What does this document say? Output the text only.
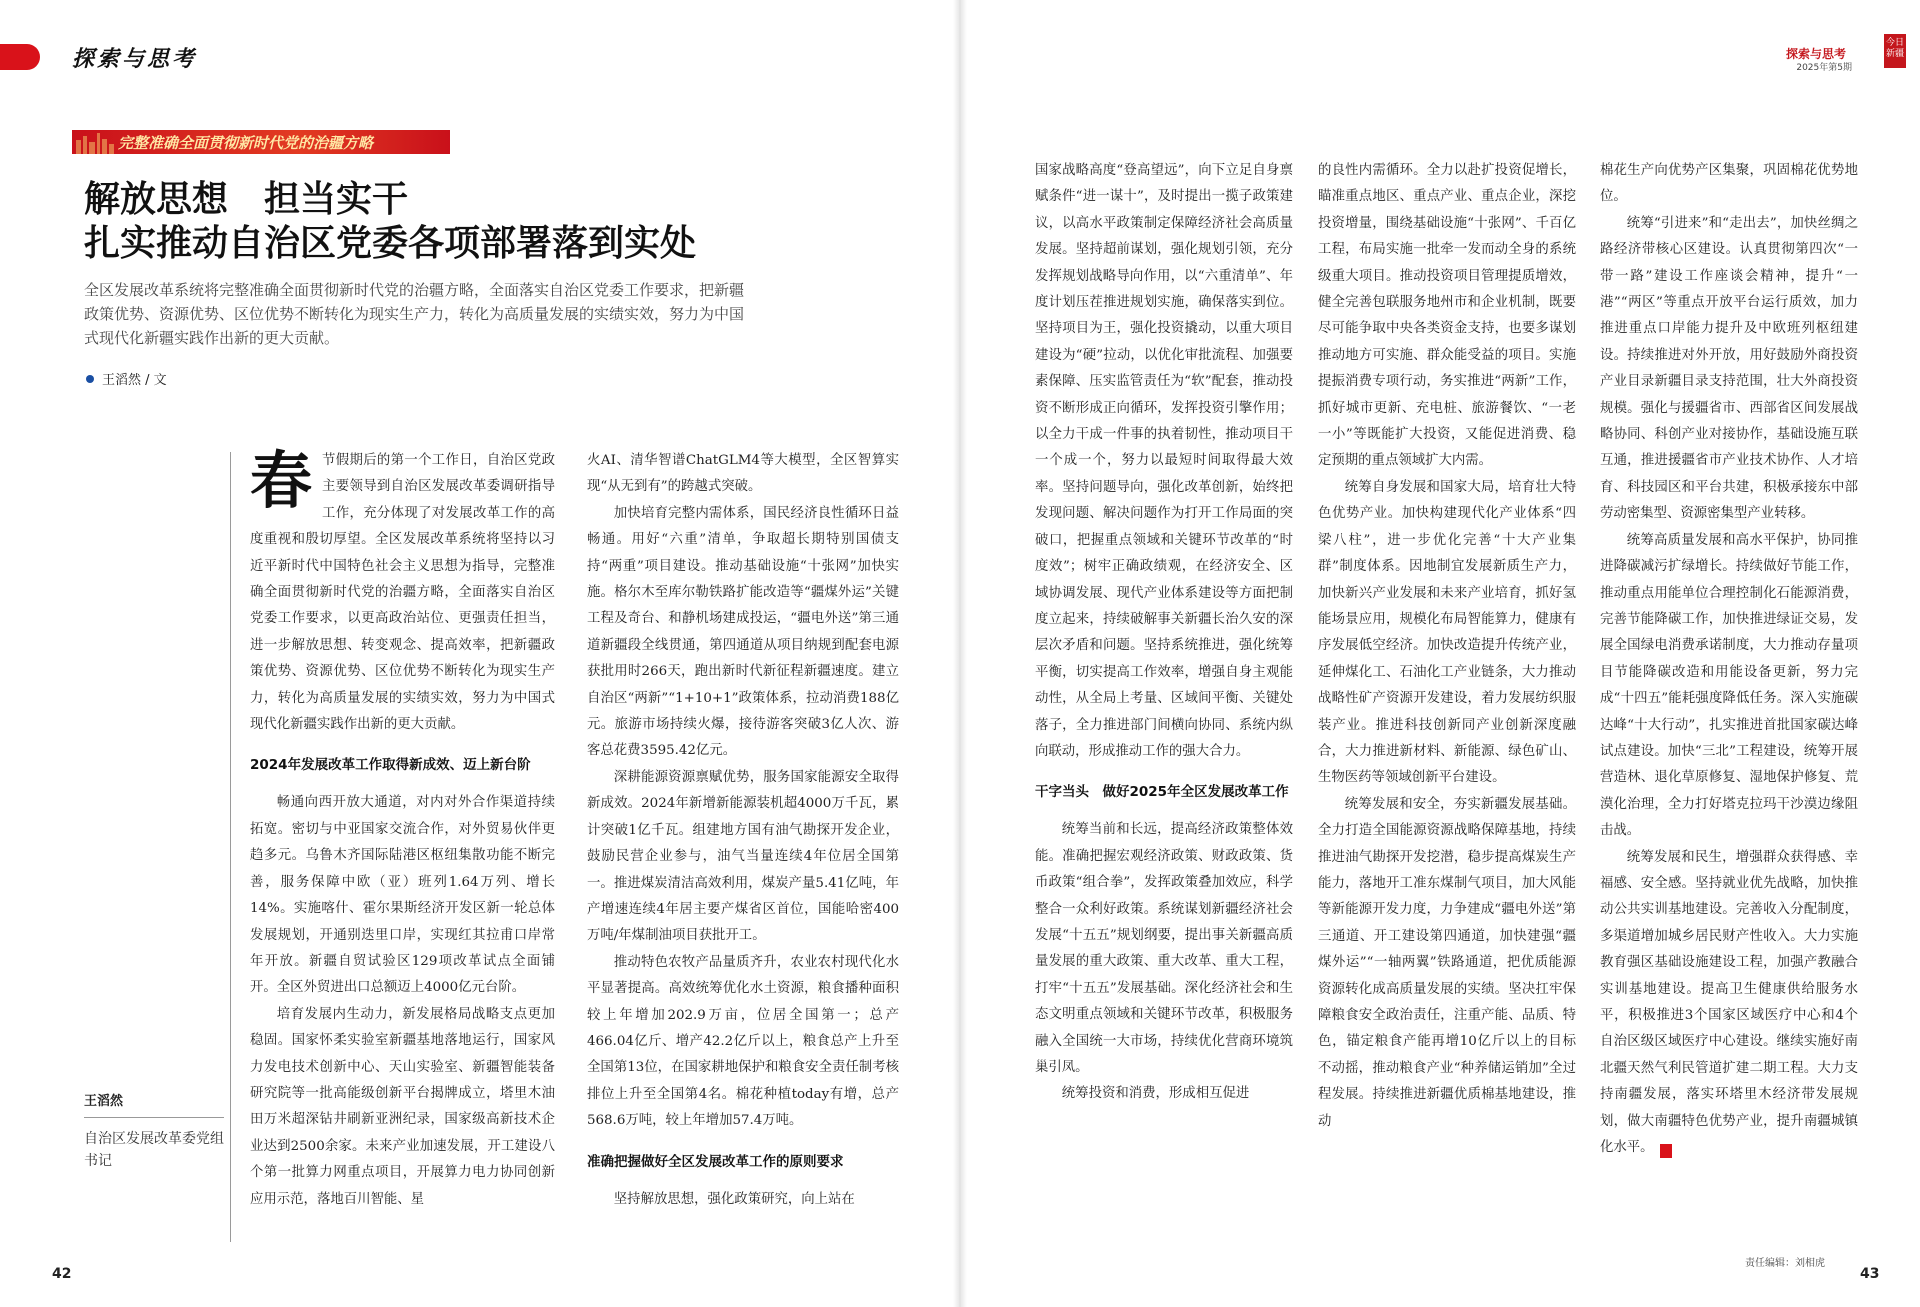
探索与思考	探索与思考
2025年第5期
今日新疆
完整准确全面贯彻新时代党的治疆方略
解放思想　担当实干
扎实推动自治区党委各项部署落到实处
全区发展改革系统将完整准确全面贯彻新时代党的治疆方略，全面落实自治区党委工作要求，把新疆政策优势、资源优势、区位优势不断转化为现实生产力，转化为高质量发展的实绩实效，努力为中国式现代化新疆实践作出新的更大贡献。
王滔然 / 文
王滔然
自治区发展改革委党组书记

春节假期后的第一个工作日，自治区党政主要领导到自治区发展改革委调研指导工作，充分体现了对发展改革工作的高度重视和殷切厚望。全区发展改革系统将坚持以习近平新时代中国特色社会主义思想为指导，完整准确全面贯彻新时代党的治疆方略，全面落实自治区党委工作要求，以更高政治站位、更强责任担当，进一步解放思想、转变观念、提高效率，把新疆政策优势、资源优势、区位优势不断转化为现实生产力，转化为高质量发展的实绩实效，努力为中国式现代化新疆实践作出新的更大贡献。

2024年发展改革工作取得新成效、迈上新台阶

畅通向西开放大通道，对内对外合作渠道持续拓宽。密切与中亚国家交流合作，对外贸易伙伴更趋多元。乌鲁木齐国际陆港区枢纽集散功能不断完善，服务保障中欧（亚）班列1.64万列、增长14%。实施喀什、霍尔果斯经济开发区新一轮总体发展规划，开通别迭里口岸，实现红其拉甫口岸常年开放。新疆自贸试验区129项改革试点全面铺开。全区外贸进出口总额迈上4000亿元台阶。

培育发展内生动力，新发展格局战略支点更加稳固。国家怀柔实验室新疆基地落地运行，国家风力发电技术创新中心、天山实验室、新疆智能装备研究院等一批高能级创新平台揭牌成立，塔里木油田万米超深钻井刷新亚洲纪录，国家级高新技术企业达到2500余家。未来产业加速发展，开工建设八个第一批算力网重点项目，开展算力电力协同创新应用示范，落地百川智能、星

火AI、清华智谱ChatGLM4等大模型，全区智算实现“从无到有”的跨越式突破。

加快培育完整内需体系，国民经济良性循环日益畅通。用好“六重”清单，争取超长期特别国债支持“两重”项目建设。推动基础设施“十张网”加快实施。格尔木至库尔勒铁路扩能改造等“疆煤外运”关键工程及奇台、和静机场建成投运，“疆电外送”第三通道新疆段全线贯通，第四通道从项目纳规到配套电源获批用时266天，跑出新时代新征程新疆速度。建立自治区“两新”“1+10+1”政策体系，拉动消费188亿元。旅游市场持续火爆，接待游客突破3亿人次、游客总花费3595.42亿元。

深耕能源资源禀赋优势，服务国家能源安全取得新成效。2024年新增新能源装机超4000万千瓦，累计突破1亿千瓦。组建地方国有油气勘探开发企业，鼓励民营企业参与，油气当量连续4年位居全国第一。推进煤炭清洁高效利用，煤炭产量5.41亿吨，年产增速连续4年居主要产煤省区首位，国能哈密400万吨/年煤制油项目获批开工。

推动特色农牧产品量质齐升，农业农村现代化水平显著提高。高效统筹优化水土资源，粮食播种面积较上年增加202.9万亩，位居全国第一；总产466.04亿斤、增产42.2亿斤以上，粮食总产上升至全国第13位，在国家耕地保护和粮食安全责任制考核排位上升至全国第4名。棉花种植today有增，总产568.6万吨，较上年增加57.4万吨。

准确把握做好全区发展改革工作的原则要求

坚持解放思想，强化政策研究，向上站在

国家战略高度“登高望远”，向下立足自身禀赋条件“进一谋十”，及时提出一揽子政策建议，以高水平政策制定保障经济社会高质量发展。坚持超前谋划，强化规划引领，充分发挥规划战略导向作用，以“六重清单”、年度计划压茬推进规划实施，确保落实到位。坚持项目为王，强化投资撬动，以重大项目建设为“硬”拉动，以优化审批流程、加强要素保障、压实监管责任为“软”配套，推动投资不断形成正向循环，发挥投资引擎作用；以全力干成一件事的执着韧性，推动项目干一个成一个，努力以最短时间取得最大效率。坚持问题导向，强化改革创新，始终把发现问题、解决问题作为打开工作局面的突破口，把握重点领域和关键环节改革的“时度效”；树牢正确政绩观，在经济安全、区域协调发展、现代产业体系建设等方面把制度立起来，持续破解事关新疆长治久安的深层次矛盾和问题。坚持系统推进，强化统筹平衡，切实提高工作效率，增强自身主观能动性，从全局上考量、区域间平衡、关键处落子，全力推进部门间横向协同、系统内纵向联动，形成推动工作的强大合力。

干字当头　做好2025年全区发展改革工作

统筹当前和长远，提高经济政策整体效能。准确把握宏观经济政策、财政政策、货币政策“组合拳”，发挥政策叠加效应，科学整合一众利好政策。系统谋划新疆经济社会发展“十五五”规划纲要，提出事关新疆高质量发展的重大政策、重大改革、重大工程，打牢“十五五”发展基础。深化经济社会和生态文明重点领域和关键环节改革，积极服务融入全国统一大市场，持续优化营商环境筑巢引凤。

统筹投资和消费，形成相互促进

的良性内需循环。全力以赴扩投资促增长，瞄准重点地区、重点产业、重点企业，深挖投资增量，围绕基础设施“十张网”、千百亿工程，布局实施一批牵一发而动全身的系统级重大项目。推动投资项目管理提质增效，健全完善包联服务地州市和企业机制，既要尽可能争取中央各类资金支持，也要多谋划推动地方可实施、群众能受益的项目。实施提振消费专项行动，务实推进“两新”工作，抓好城市更新、充电桩、旅游餐饮、“一老一小”等既能扩大投资，又能促进消费、稳定预期的重点领域扩大内需。

统筹自身发展和国家大局，培育壮大特色优势产业。加快构建现代化产业体系“四梁八柱”，进一步优化完善“十大产业集群”制度体系。因地制宜发展新质生产力，加快新兴产业发展和未来产业培育，抓好氢能场景应用，规模化布局智能算力，健康有序发展低空经济。加快改造提升传统产业，延伸煤化工、石油化工产业链条，大力推动战略性矿产资源开发建设，着力发展纺织服装产业。推进科技创新同产业创新深度融合，大力推进新材料、新能源、绿色矿山、生物医药等领域创新平台建设。

统筹发展和安全，夯实新疆发展基础。全力打造全国能源资源战略保障基地，持续推进油气勘探开发挖潜，稳步提高煤炭生产能力，落地开工准东煤制气项目，加大风能等新能源开发力度，力争建成“疆电外送”第三通道、开工建设第四通道，加快建强“疆煤外运”“一轴两翼”铁路通道，把优质能源资源转化成高质量发展的实绩。坚决扛牢保障粮食安全政治责任，注重产能、品质、特色，锚定粮食产能再增10亿斤以上的目标不动摇，推动粮食产业“种养储运销加”全过程发展。持续推进新疆优质棉基地建设，推动

棉花生产向优势产区集聚，巩固棉花优势地位。

统筹“引进来”和“走出去”，加快丝绸之路经济带核心区建设。认真贯彻第四次“一带一路”建设工作座谈会精神，提升“一港”“两区”等重点开放平台运行质效，加力推进重点口岸能力提升及中欧班列枢纽建设。持续推进对外开放，用好鼓励外商投资产业目录新疆目录支持范围，壮大外商投资规模。强化与援疆省市、西部省区间发展战略协同、科创产业对接协作，基础设施互联互通，推进援疆省市产业技术协作、人才培育、科技园区和平台共建，积极承接东中部劳动密集型、资源密集型产业转移。

统筹高质量发展和高水平保护，协同推进降碳减污扩绿增长。持续做好节能工作，推动重点用能单位合理控制化石能源消费，完善节能降碳工作，加快推进绿证交易，发展全国绿电消费承诺制度，大力推动存量项目节能降碳改造和用能设备更新，努力完成“十四五”能耗强度降低任务。深入实施碳达峰“十大行动”，扎实推进首批国家碳达峰试点建设。加快“三北”工程建设，统筹开展营造林、退化草原修复、湿地保护修复、荒漠化治理，全力打好塔克拉玛干沙漠边缘阻击战。

统筹发展和民生，增强群众获得感、幸福感、安全感。坚持就业优先战略，加快推动公共实训基地建设。完善收入分配制度，多渠道增加城乡居民财产性收入。大力实施教育强区基础设施建设工程，加强产教融合实训基地建设。提高卫生健康供给服务水平，积极推进3个国家区域医疗中心和4个自治区级区域医疗中心建设。继续实施好南北疆天然气利民管道扩建二期工程。大力支持南疆发展，落实环塔里木经济带发展规划，做大南疆特色优势产业，提升南疆城镇化水平。	J

42
责任编辑：刘相虎
43
